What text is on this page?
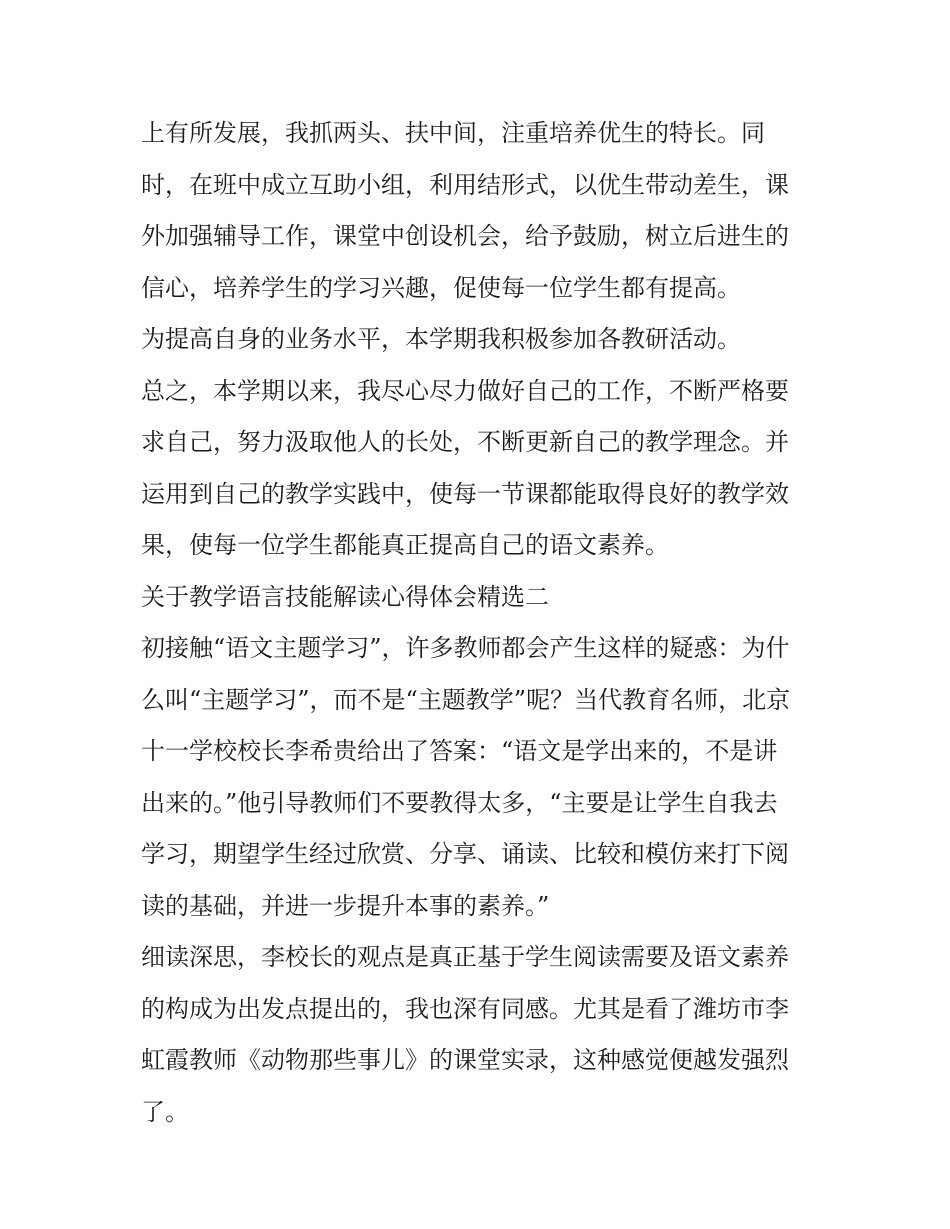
上有所发展，我抓两头、扶中间，注重培养优生的特长。同
时，在班中成立互助小组，利用结形式，以优生带动差生，课
外加强辅导工作，课堂中创设机会，给予鼓励，树立后进生的
信心，培养学生的学习兴趣，促使每一位学生都有提高。
为提高自身的业务水平，本学期我积极参加各教研活动。
总之，本学期以来，我尽心尽力做好自己的工作，不断严格要
求自己，努力汲取他人的长处，不断更新自己的教学理念。并
运用到自己的教学实践中，使每一节课都能取得良好的教学效
果，使每一位学生都能真正提高自己的语文素养。
关于教学语言技能解读心得体会精选二
初接触“语文主题学习”，许多教师都会产生这样的疑惑：为什
么叫“主题学习”，而不是“主题教学”呢？当代教育名师，北京
十一学校校长李希贵给出了答案：“语文是学出来的，不是讲
出来的。”他引导教师们不要教得太多，“主要是让学生自我去
学习，期望学生经过欣赏、分享、诵读、比较和模仿来打下阅
读的基础，并进一步提升本事的素养。”
细读深思，李校长的观点是真正基于学生阅读需要及语文素养
的构成为出发点提出的，我也深有同感。尤其是看了潍坊市李
虹霞教师《动物那些事儿》的课堂实录，这种感觉便越发强烈
了。
